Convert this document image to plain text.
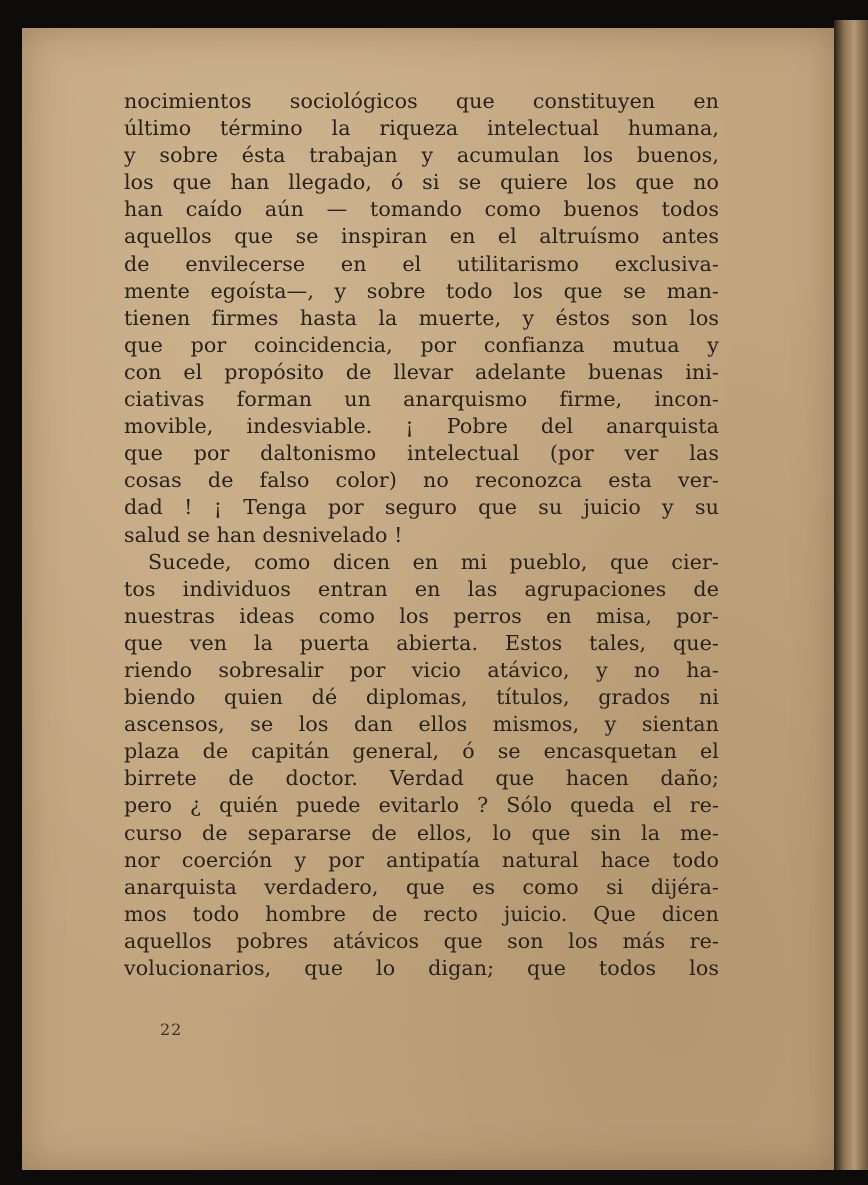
nocimientos sociológicos que constituyen en
último término la riqueza intelectual humana,
y sobre ésta trabajan y acumulan los buenos,
los que han llegado, ó si se quiere los que no
han caído aún — tomando como buenos todos
aquellos que se inspiran en el altruísmo antes
de envilecerse en el utilitarismo exclusiva-
mente egoísta—, y sobre todo los que se man-
tienen firmes hasta la muerte, y éstos son los
que por coincidencia, por confianza mutua y
con el propósito de llevar adelante buenas ini-
ciativas forman un anarquismo firme, incon-
movible, indesviable. ¡ Pobre del anarquista
que por daltonismo intelectual (por ver las
cosas de falso color) no reconozca esta ver-
dad ! ¡ Tenga por seguro que su juicio y su
salud se han desnivelado !
Sucede, como dicen en mi pueblo, que cier-
tos individuos entran en las agrupaciones de
nuestras ideas como los perros en misa, por-
que ven la puerta abierta. Estos tales, que-
riendo sobresalir por vicio atávico, y no ha-
biendo quien dé diplomas, títulos, grados ni
ascensos, se los dan ellos mismos, y sientan
plaza de capitán general, ó se encasquetan el
birrete de doctor. Verdad que hacen daño;
pero ¿ quién puede evitarlo ? Sólo queda el re-
curso de separarse de ellos, lo que sin la me-
nor coerción y por antipatía natural hace todo
anarquista verdadero, que es como si dijéra-
mos todo hombre de recto juicio. Que dicen
aquellos pobres atávicos que son los más re-
volucionarios, que lo digan; que todos los
22
